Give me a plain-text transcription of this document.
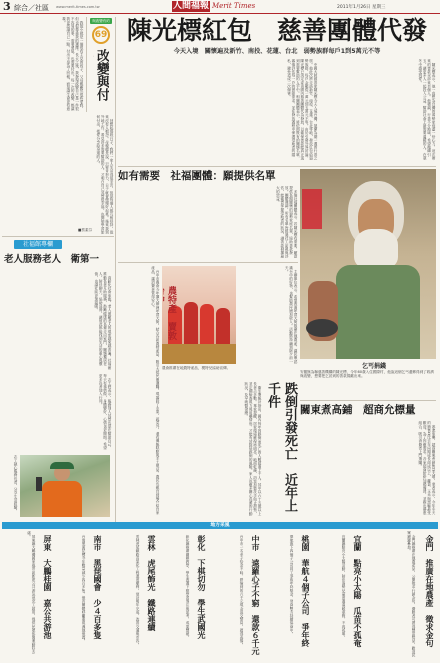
3 綜合／社區 www.merit-times.com.tw	人間福報 Merit Times	2011年1月26日 星期三
與改變有約
69
改變與付
　我從小就是一個很有主見的孩子，父母親雖然很疼愛我，但也很尊重我的選擇。長大之後，我發現改變自己是一件很不容易的事，需要勇氣，也需要付出。每一次的改變，都讓我更認識自己一點。付出不是為了回報，而是讓生命更有意義。
　回想起那段日子，我們一家人生活得很辛苦，但是每個人都互相扶持，從來沒有人抱怨。母親總是說，只要肯努力，日子就會慢慢好起來。後來我到外地工作，看見許多需要幫助的人，才明白自己其實很幸福，也開始學習如何付出，把愛分享給身邊的人。
■蔡素芬
社福館專欄
老人服務老人　衛第一
　高齡化社會來臨，老人照顧老人的現象越來越普遍。社福館推動長者互助服務，鼓勵健康的長輩走出家門，關懷獨居老人，陪伴聊天、協助送餐，讓彼此都能找到生活的重心與價值，也讓社區更加溫暖。
　志工們表示，服務別人其實也是在幫助自己，每天有事情做，身體變好，心情也更開朗。希望更多長者加入行列。
志工熱心服務長者，分享生活經驗。
陳光標紅包　慈善團體代發
今天入境　關懷遍及新竹、南投、花蓮、台北　弱勢族群每戶1到5萬元不等
　中國大陸慈善家陳光標今天入境台灣，展開為期一週的行善之旅。他此次將走訪新竹、南投、花蓮、台北等地，發放紅包給弱勢族群，每戶金額從一萬元到五萬元不等。由於引發外界討論，陳光標已決定委由國內慈善團體代為發放，以確保善款能真正送到需要幫助的人手中。相關團體表示，將依照既有的關懷名單，審慎評估每一戶的實際需求，並在發放過程中保護受助者的隱私，避免造成二次傷害。	　陳光標表示，他一直想為台灣的弱勢家庭盡一份心力，這次帶來的善款全部來自個人。他強調，行善不分地域，希望拋磚引玉，讓更多人一起投入公益，幫助社會上最需要溫暖的人，在寒冬中感受到愛。
如有需要　社福團體：願提供名單
　多個社福團體表示，若陳光標有需要，願意提供長期關懷的弱勢家庭名單，協助善款發放。團體強調，所有名單皆經過社工訪視與評估，能確實掌握受助者的狀況，讓善款發揮最大的效益。
乞丐捐錢
安徽無為縣慈善機構的陳光標，今年60歲入住國際村，他說這個乞丐還鄉得到了救濟與改變，想要把乞討到的善款捐獻出來。
　台中市農會今年擴大辦理年貨大街，結合各區農特產品，吸引大批民眾選購。現場除了水果、蔬菜外，還有傳統糕點與手工製品，農民也親自到場介紹自家產品，讓消費者買得安心。	農特產　賣敦	　主辦單位表示，希望透過年貨大街推廣在地農產，讓民眾認識台中的好物，也幫助農民增加收入。活動將持續到除夕前一天。
農會推廣在地農特產品，模特兒協助宣傳。
　衛生署統計指出，國內每年因跌倒而死亡的人數超過上千人，其中以六十五歲以上長者占多數。專家提醒，居家環境應保持明亮、地面乾燥，浴室加裝扶手與止滑墊，並定期檢查視力與用藥情形，才能有效降低跌倒的風險。家人也應多關心長輩的行動狀況，及早就醫治療。	跌倒引發死亡　近年上千件
關東煮高鋪　超商允標量
　寒流來襲，超商關東煮銷售量大增，業者表示，今年冬天的銷售量比去年同期成長兩成以上，蘿蔔、玉米與黑輪最受歡迎。為了因應需求，各家超商紛紛加碼備貨，並推出優惠組合，吸引消費者上門選購。
地方采風
　屏東縣大鵬灣國家風景區新建公共游泳池完工啟用，提供民眾休閒運動好去處。
屏東　大鵬桂園　嘉公共游池	　台南黑面琵鷺今年數量減少四百多隻，保育團體呼籲重視濕地保護。 南市　黑琵國會　少４百多隻	　雲林虎尾鐵路高架化工程進度順利，預計明年完成，改善交通與市容。 雲林　虎尾飾光　鐵路連續	　彰化縣推廣圍棋教學，學生透過下棋學習專注與思考，成果豐碩。 彰化　下棋切勿　學生武國光	　台中市一名孝子拾金不昧，將撿到的六千元現金送交警局，獲得表揚。 中市　遠羅心子不窮　還款６千元	　華航旗下四個子公司員工爭取年終獎金，勞資雙方持續協商中。 桃園　華航４個子公司　爭年終	　宜蘭縣點亮小太陽活動，陪伴弱勢兒童度過溫暖寒假，不再孤單。 宜蘭　點亮小太陽　瓜苗不孤奄	　金門縣推廣在地農產品，公開徵求行銷金句，優勝者可獲得豐富獎品，歡迎民眾踴躍參加。	金門　推廣在地農產　徵求金句
